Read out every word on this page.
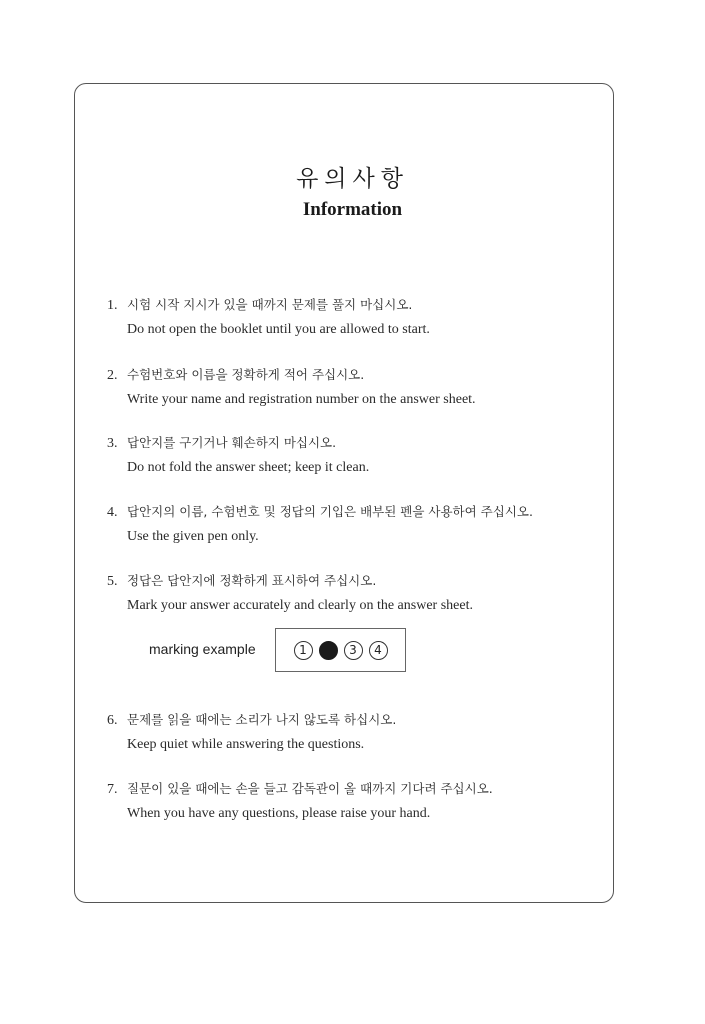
유의사항
Information
1. 시험 시작 지시가 있을 때까지 문제를 풀지 마십시오.
Do not open the booklet until you are allowed to start.
2. 수험번호와 이름을 정확하게 적어 주십시오.
Write your name and registration number on the answer sheet.
3. 답안지를 구기거나 훼손하지 마십시오.
Do not fold the answer sheet; keep it clean.
4. 답안지의 이름, 수험번호 및 정답의 기입은 배부된 펜을 사용하여 주십시오.
Use the given pen only.
5. 정답은 답안지에 정확하게 표시하여 주십시오.
Mark your answer accurately and clearly on the answer sheet.
marking example	1	3	4
6. 문제를 읽을 때에는 소리가 나지 않도록 하십시오.
Keep quiet while answering the questions.
7. 질문이 있을 때에는 손을 들고 감독관이 올 때까지 기다려 주십시오.
When you have any questions, please raise your hand.
